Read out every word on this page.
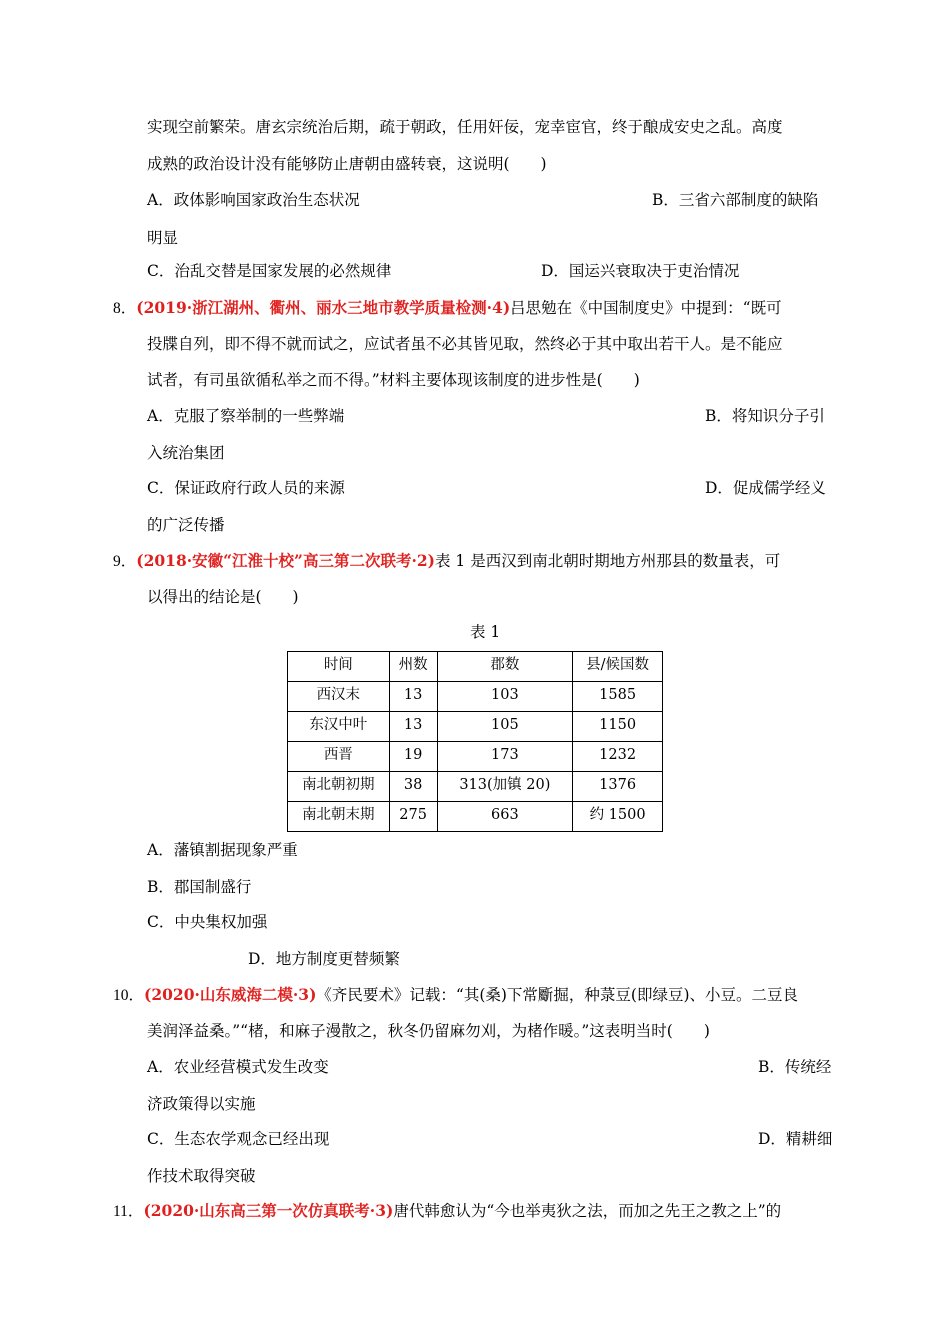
实现空前繁荣。唐玄宗统治后期，疏于朝政，任用奸佞，宠幸宦官，终于酿成安史之乱。高度
成熟的政治设计没有能够防止唐朝由盛转衰，这说明(　　)
A．政体影响国家政治生态状况	B．三省六部制度的缺陷
明显
C．治乱交替是国家发展的必然规律	D．国运兴衰取决于吏治情况
8．(2019·浙江湖州、衢州、丽水三地市教学质量检测·4)吕思勉在《中国制度史》中提到：“既可
投牒自列，即不得不就而试之，应试者虽不必其皆见取，然终必于其中取出若干人。是不能应
试者，有司虽欲循私举之而不得。”材料主要体现该制度的进步性是(　　)
A．克服了察举制的一些弊端	B．将知识分子引
入统治集团
C．保证政府行政人员的来源	D．促成儒学经义
的广泛传播
9．(2018·安徽“江淮十校”高三第二次联考·2)表 1 是西汉到南北朝时期地方州那县的数量表，可
以得出的结论是(　　)
表 1
时间	州数	郡数	县/候国数
西汉末	13	103	1585
东汉中叶	13	105	1150
西晋	19	173	1232
南北朝初期	38	313(加镇 20)	1376
南北朝末期	275	663	约 1500
A．藩镇割据现象严重
B．郡国制盛行
C．中央集权加强
D．地方制度更替频繁
10．(2020·山东威海二模·3)《齐民要术》记载：“其(桑)下常斸掘，种菉豆(即绿豆)、小豆。二豆良
美润泽益桑。”“楮，和麻子漫散之，秋冬仍留麻勿刈，为楮作暖。”这表明当时(　　)
A．农业经营模式发生改变	B．传统经
济政策得以实施
C．生态农学观念已经出现	D．精耕细
作技术取得突破
11．(2020·山东高三第一次仿真联考·3)唐代韩愈认为“今也举夷狄之法，而加之先王之教之上”的
